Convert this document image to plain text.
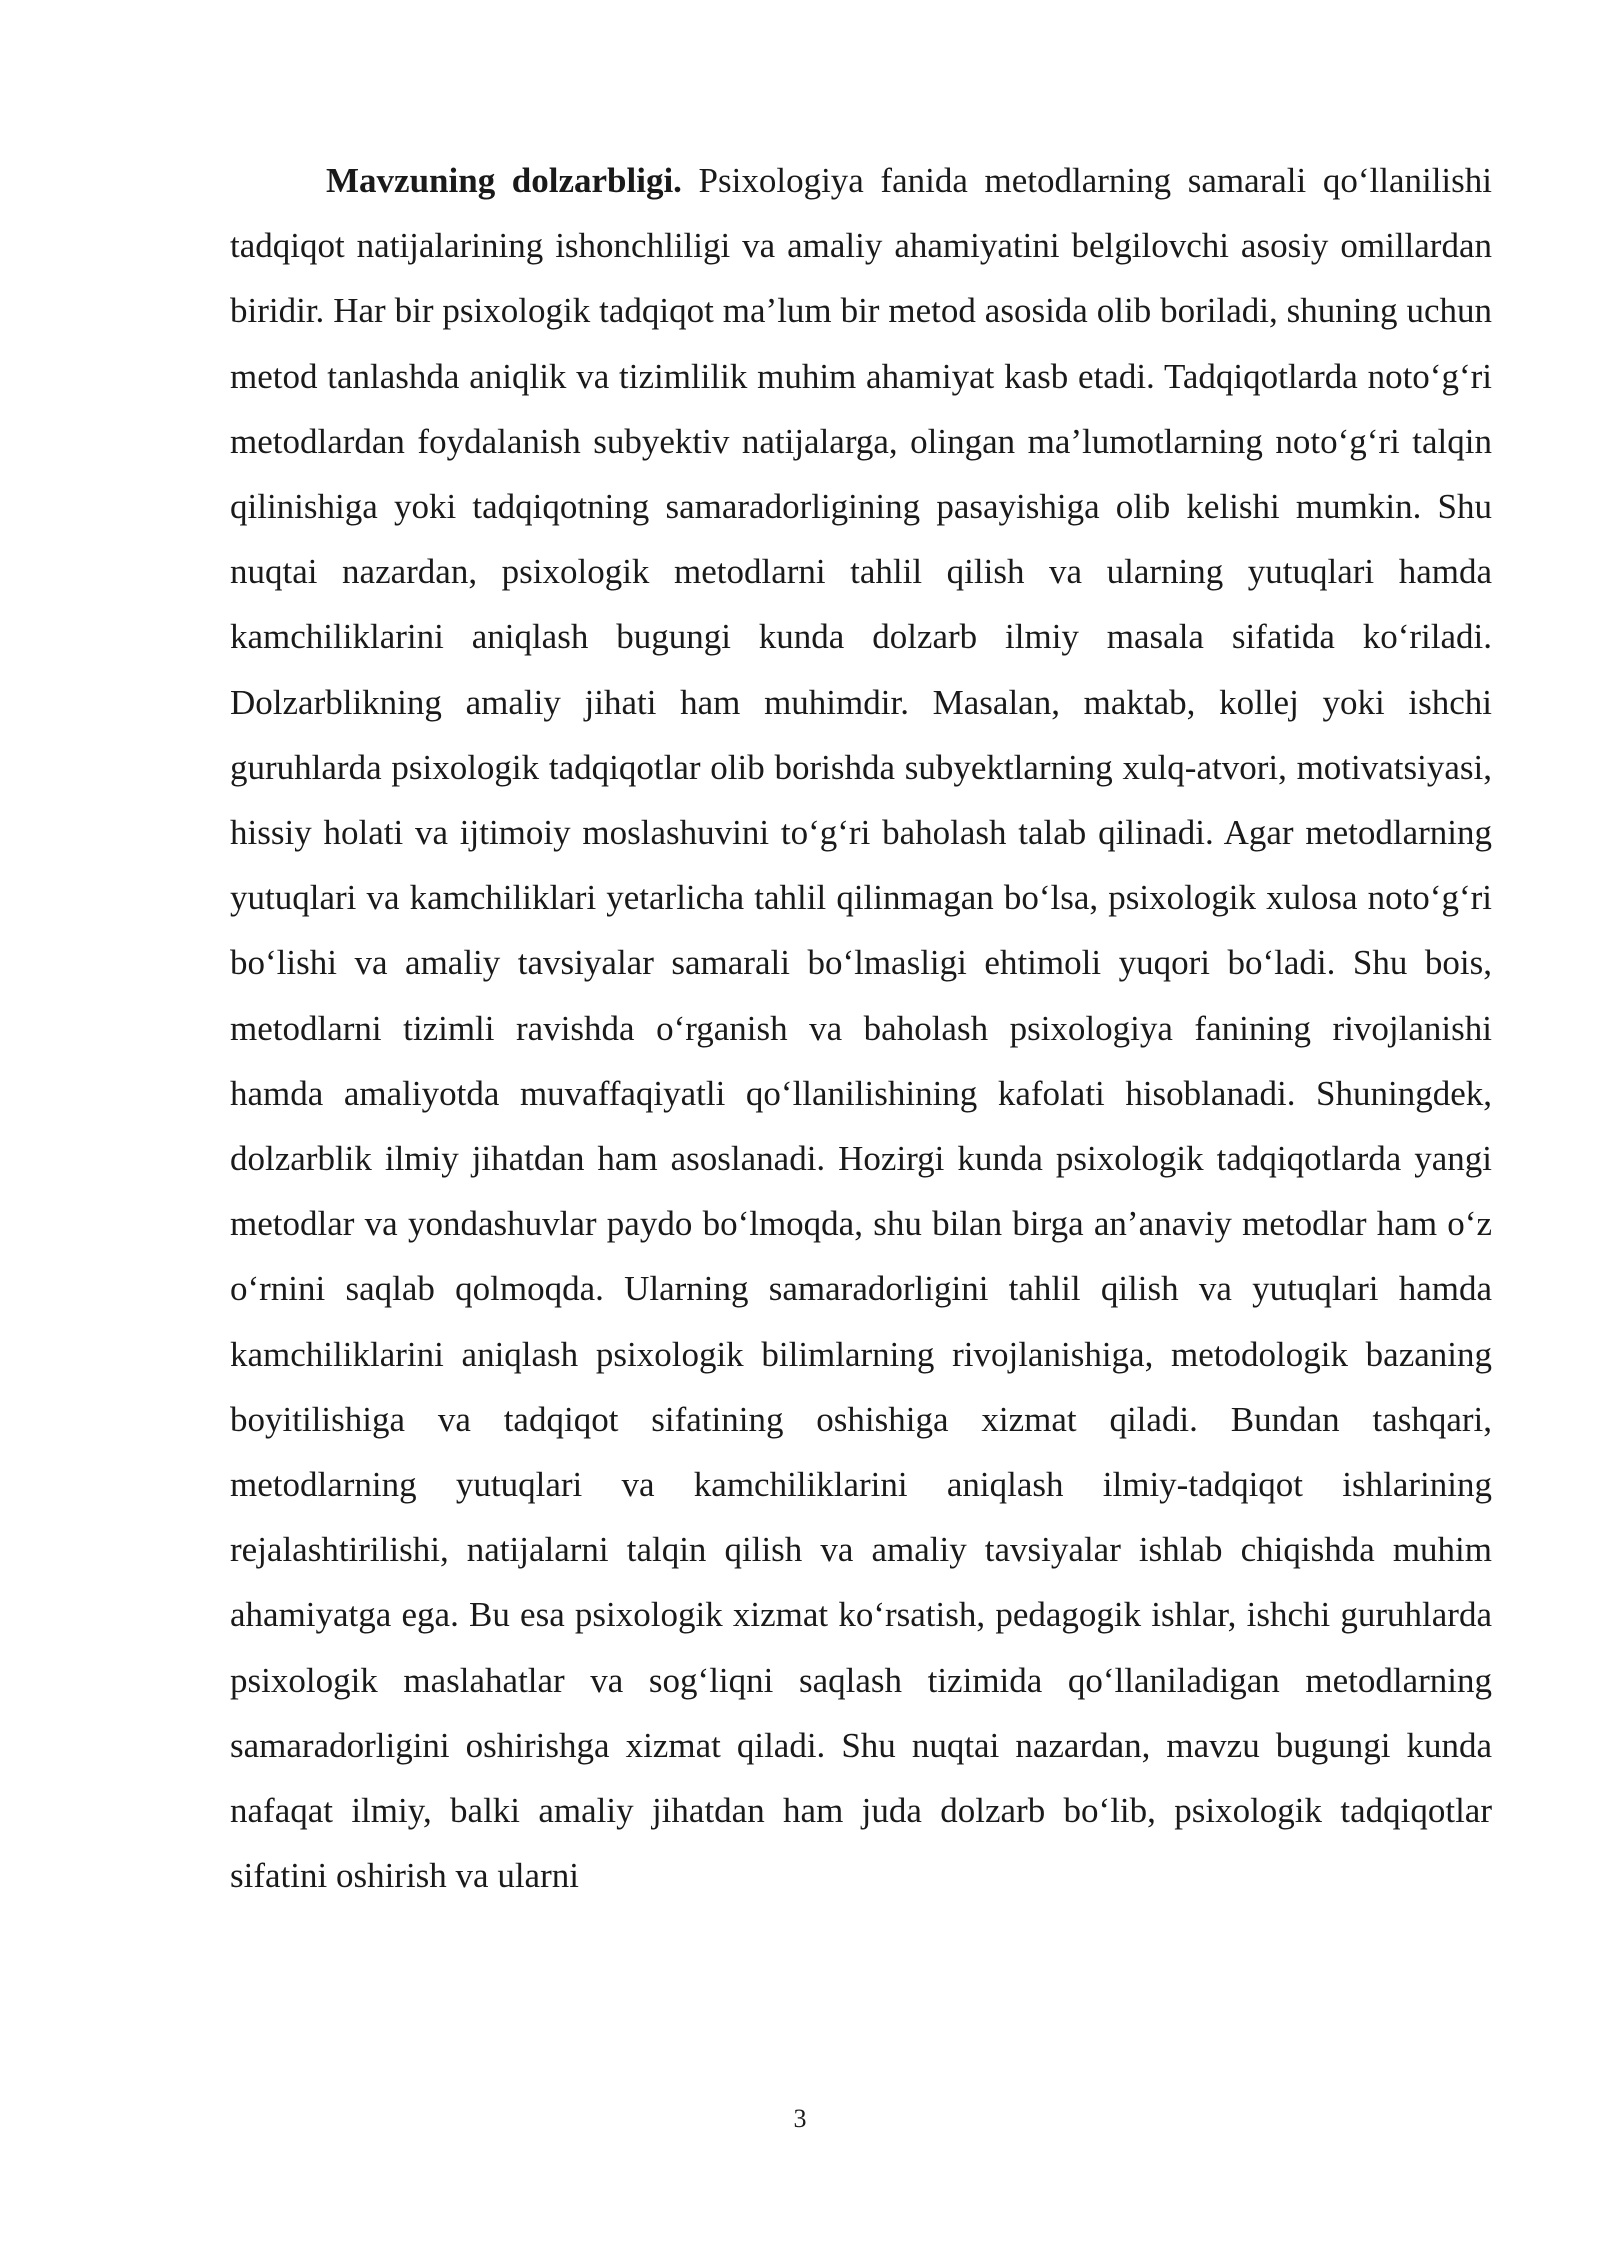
Mavzuning dolzarbligi. Psixologiya fanida metodlarning samarali qo‘llanilishi tadqiqot natijalarining ishonchliligi va amaliy ahamiyatini belgilovchi asosiy omillardan biridir. Har bir psixologik tadqiqot ma’lum bir metod asosida olib boriladi, shuning uchun metod tanlashda aniqlik va tizimlilik muhim ahamiyat kasb etadi. Tadqiqotlarda noto‘g‘ri metodlardan foydalanish subyektiv natijalarga, olingan ma’lumotlarning noto‘g‘ri talqin qilinishiga yoki tadqiqotning samaradorligining pasayishiga olib kelishi mumkin. Shu nuqtai nazardan, psixologik metodlarni tahlil qilish va ularning yutuqlari hamda kamchiliklarini aniqlash bugungi kunda dolzarb ilmiy masala sifatida ko‘riladi. Dolzarblikning amaliy jihati ham muhimdir. Masalan, maktab, kollej yoki ishchi guruhlarda psixologik tadqiqotlar olib borishda subyektlarning xulq-atvori, motivatsiyasi, hissiy holati va ijtimoiy moslashuvini to‘g‘ri baholash talab qilinadi. Agar metodlarning yutuqlari va kamchiliklari yetarlicha tahlil qilinmagan bo‘lsa, psixologik xulosa noto‘g‘ri bo‘lishi va amaliy tavsiyalar samarali bo‘lmasligi ehtimoli yuqori bo‘ladi. Shu bois, metodlarni tizimli ravishda o‘rganish va baholash psixologiya fanining rivojlanishi hamda amaliyotda muvaffaqiyatli qo‘llanilishining kafolati hisoblanadi. Shuningdek, dolzarblik ilmiy jihatdan ham asoslanadi. Hozirgi kunda psixologik tadqiqotlarda yangi metodlar va yondashuvlar paydo bo‘lmoqda, shu bilan birga an’anaviy metodlar ham o‘z o‘rnini saqlab qolmoqda. Ularning samaradorligini tahlil qilish va yutuqlari hamda kamchiliklarini aniqlash psixologik bilimlarning rivojlanishiga, metodologik bazaning boyitilishiga va tadqiqot sifatining oshishiga xizmat qiladi. Bundan tashqari, metodlarning yutuqlari va kamchiliklarini aniqlash ilmiy-tadqiqot ishlarining rejalashtirilishi, natijalarni talqin qilish va amaliy tavsiyalar ishlab chiqishda muhim ahamiyatga ega. Bu esa psixologik xizmat ko‘rsatish, pedagogik ishlar, ishchi guruhlarda psixologik maslahatlar va sog‘liqni saqlash tizimida qo‘llaniladigan metodlarning samaradorligini oshirishga xizmat qiladi. Shu nuqtai nazardan, mavzu bugungi kunda nafaqat ilmiy, balki amaliy jihatdan ham juda dolzarb bo‘lib, psixologik tadqiqotlar sifatini oshirish va ularni

3
